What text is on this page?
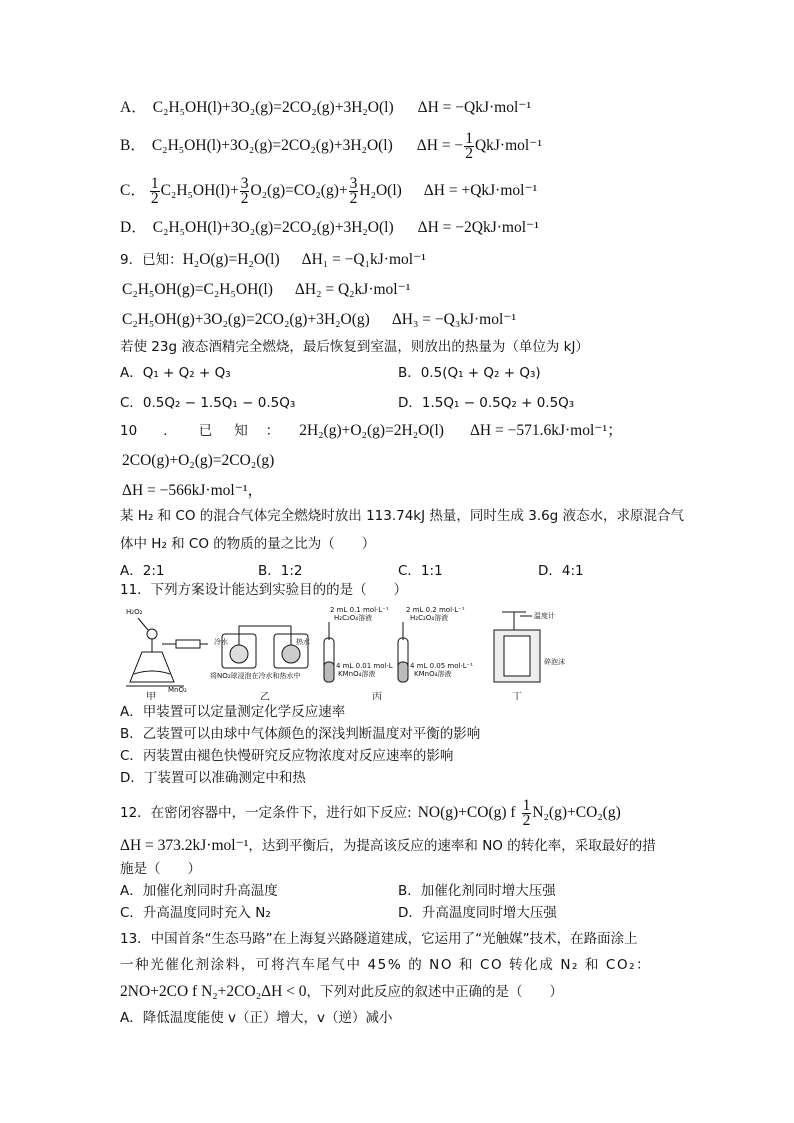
A． C₂H₅OH(l)+3O₂(g)=2CO₂(g)+3H₂O(l) ΔH = −QkJ·mol⁻¹
B． C₂H₅OH(l)+3O₂(g)=2CO₂(g)+3H₂O(l) ΔH = − $\frac{1}{2} QkJ\cdot mol^{-1}$
C． $\frac{1}{2} C_2H_5OH(l)+ \frac{3}{2} O_2(g)=CO_2(g)+ \frac{3}{2} H_2O(l) \Delta H = +QkJ\cdot mol^{-1}$
D． C₂H₅OH(l)+3O₂(g)=2CO₂(g)+3H₂O(l) ΔH = −2QkJ·mol⁻¹
9．已知：H₂O(g)=H₂O(l) ΔH₁ = −Q₁kJ·mol⁻¹
C₂H₅OH(g)=C₂H₅OH(l) ΔH₂ = Q₂kJ·mol⁻¹
C₂H₅OH(g)+3O₂(g)=2CO₂(g)+3H₂O(g) ΔH₃ = −Q₃kJ·mol⁻¹
若使 23g 液态酒精完全燃烧，最后恢复到室温，则放出的热量为（单位为 kJ）
A．Q₁ + Q₂ + Q₃	B．0.5(Q₁ + Q₂ + Q₃)
C．0.5Q₂ − 1.5Q₁ − 0.5Q₃	D．1.5Q₁ − 0.5Q₂ + 0.5Q₃
10 ． 已 知 ： 2H₂(g)+O₂(g)=2H₂O(l) ΔH = −571.6kJ·mol⁻¹；
2CO(g)+O₂(g)=2CO₂(g)
ΔH = −566kJ·mol⁻¹，
某 H₂ 和 CO 的混合气体完全燃烧时放出 113.74kJ 热量，同时生成 3.6g 液态水，求原混合气
体中 H₂ 和 CO 的物质的量之比为（　　）
A．2:1	B．1:2	C．1:1	D．4:1
11．下列方案设计能达到实验目的的是（　　）
H₂O₂
MnO₂
甲
冷水	热水
将NO₂球浸泡在冷水和热水中
乙
2 mL 0.1 mol·L⁻¹
H₂C₂O₄溶液
2 mL 0.2 mol·L⁻¹
H₂C₂O₄溶液
4 mL 0.01 mol·L
KMnO₄溶液
4 mL 0.05 mol·L⁻¹
KMnO₄溶液
丙
温度计
碎泡沫
丁
A．甲装置可以定量测定化学反应速率
B．乙装置可以由球中气体颜色的深浅判断温度对平衡的影响
C．丙装置由褪色快慢研究反应物浓度对反应速率的影响
D．丁装置可以准确测定中和热
12．在密闭容器中，一定条件下，进行如下反应: NO(g)+CO(g) f $\frac{1}{2} N_2(g)+CO_2(g)$
ΔH = 373.2kJ·mol⁻¹，达到平衡后，为提高该反应的速率和 NO 的转化率，采取最好的措
施是（　　）
A．加催化剂同时升高温度	B．加催化剂同时增大压强
C．升高温度同时充入 N₂	D．升高温度同时增大压强
13．中国首条“生态马路”在上海复兴路隧道建成，它运用了“光触媒”技术，在路面涂上
一种光催化剂涂料，可将汽车尾气中 45% 的 NO 和 CO 转化成 N₂ 和 CO₂：
2NO+2CO f N₂+2CO₂ΔH < 0，下列对此反应的叙述中正确的是（　　）
A．降低温度能使 v（正）增大，v（逆）减小
